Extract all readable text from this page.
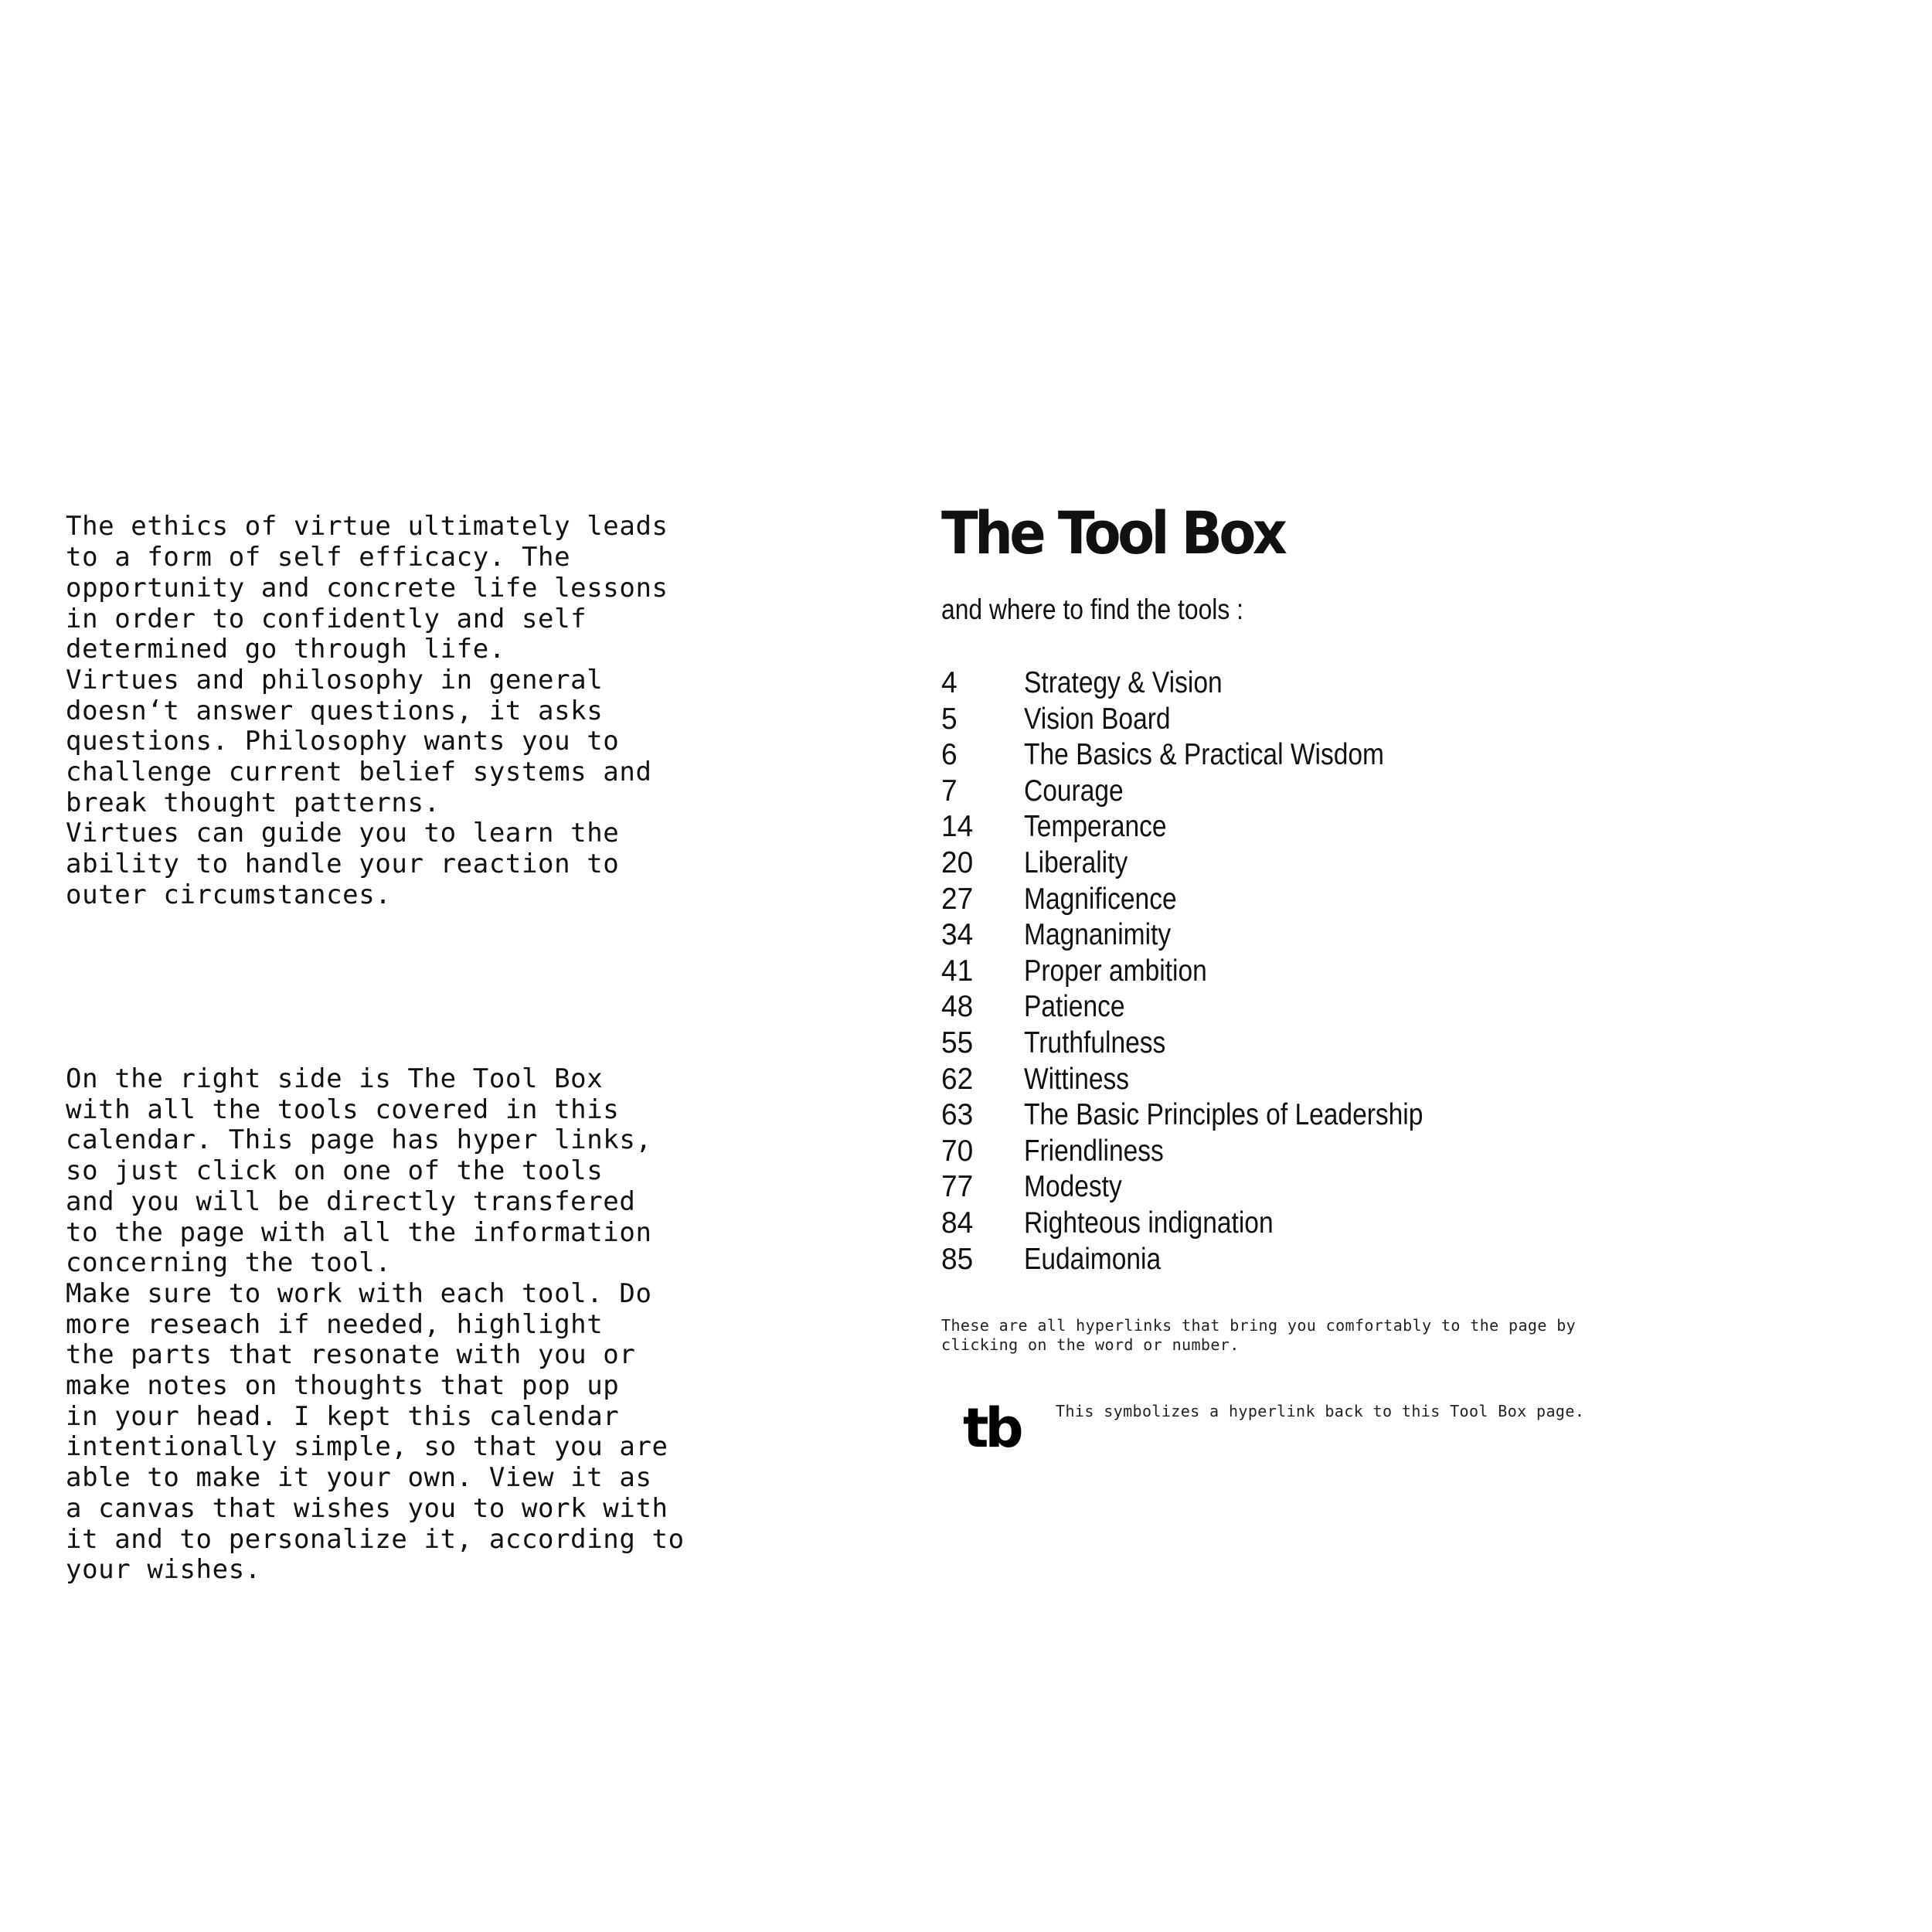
The ethics of virtue ultimately leads
to a form of self efficacy. The
opportunity and concrete life lessons
in order to confidently and self
determined go through life.
Virtues and philosophy in general
doesn‘t answer questions, it asks
questions. Philosophy wants you to
challenge current belief systems and
break thought patterns.
Virtues can guide you to learn the
ability to handle your reaction to
outer circumstances.

On the right side is The Tool Box
with all the tools covered in this
calendar. This page has hyper links,
so just click on one of the tools
and you will be directly transfered
to the page with all the information
concerning the tool.
Make sure to work with each tool. Do
more reseach if needed, highlight
the parts that resonate with you or
make notes on thoughts that pop up
in your head. I kept this calendar
intentionally simple, so that you are
able to make it your own. View it as
a canvas that wishes you to work with
it and to personalize it, according to
your wishes.

The Tool Box
and where to find the tools :
4 Strategy & Vision
5 Vision Board
6 The Basics & Practical Wisdom
7 Courage
14 Temperance
20 Liberality
27 Magnificence
34 Magnanimity
41 Proper ambition
48 Patience
55 Truthfulness
62 Wittiness
63 The Basic Principles of Leadership
70 Friendliness
77 Modesty
84 Righteous indignation
85 Eudaimonia
These are all hyperlinks that bring you comfortably to the page by
clicking on the word or number.
tb This symbolizes a hyperlink back to this Tool Box page.
